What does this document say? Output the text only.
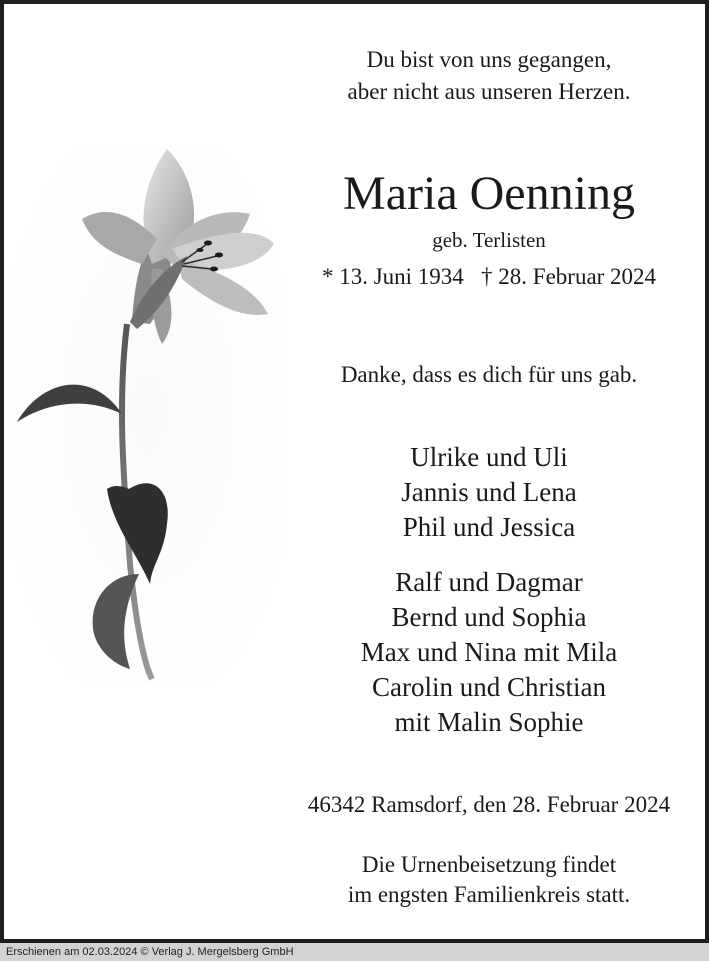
Du bist von uns gegangen,
aber nicht aus unseren Herzen.
Maria Oenning
geb. Terlisten
* 13. Juni 1934   † 28. Februar 2024
Danke, dass es dich für uns gab.
Ulrike und Uli
Jannis und Lena
Phil und Jessica
Ralf und Dagmar
Bernd und Sophia
Max und Nina mit Mila
Carolin und Christian
mit Malin Sophie
46342 Ramsdorf, den 28. Februar 2024
Die Urnenbeisetzung findet
im engsten Familienkreis statt.
Erschienen am 02.03.2024 © Verlag J. Mergelsberg GmbH
